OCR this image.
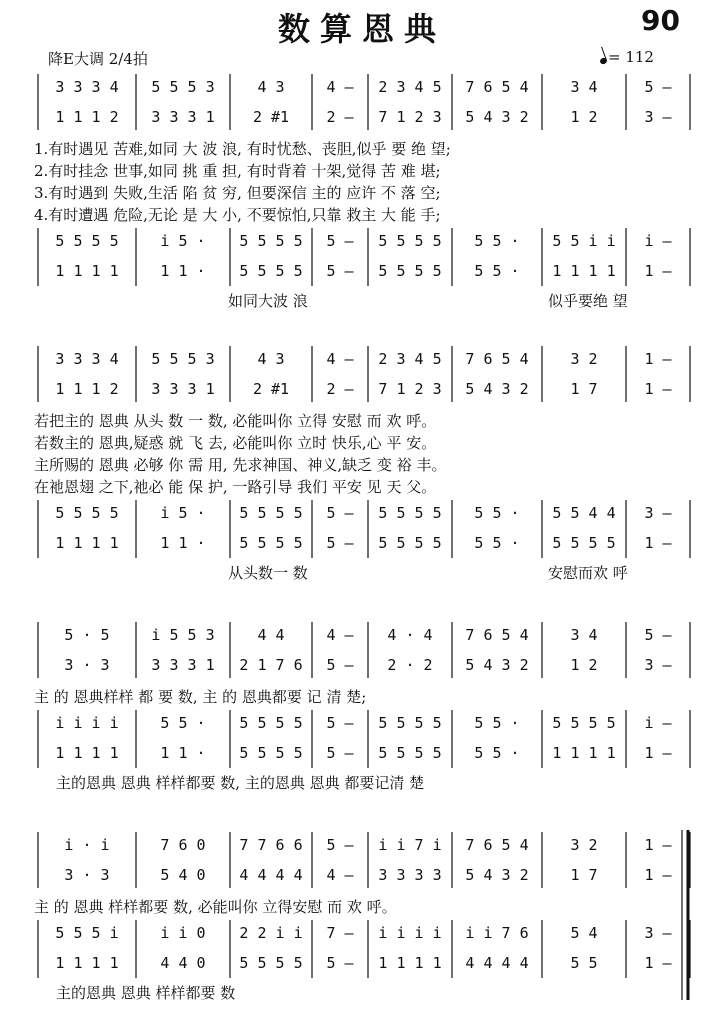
数算恩典	90
降E大调 2/4拍	= 112
3 3 3 4	5 5 5 3	4 3	4 –	2 3 4 5	7 6 5 4	3 4	5 –
1 1 1 2	3 3 3 1	2 #1	2 –	7 1 2 3	5 4 3 2	1 2	3 –
1.有时遇见 苦难,如同 大 波 浪, 有时忧愁、丧胆,似乎 要 绝 望;
2.有时挂念 世事,如同 挑 重 担, 有时背着 十架,觉得 苦 难 堪;
3.有时遇到 失败,生活 陷 贫 穷, 但要深信 主的 应许 不 落 空;
4.有时遭遇 危险,无论 是 大 小, 不要惊怕,只靠 救主 大 能 手;
5 5 5 5	i 5 ·	5 5 5 5	5 –	5 5 5 5	5 5 ·	5 5 i i	i –
1 1 1 1	1 1 ·	5 5 5 5	5 –	5 5 5 5	5 5 ·	1 1 1 1	1 –
如同大波 浪	似乎要绝 望
3 3 3 4	5 5 5 3	4 3	4 –	2 3 4 5	7 6 5 4	3 2	1 –
1 1 1 2	3 3 3 1	2 #1	2 –	7 1 2 3	5 4 3 2	1 7	1 –
若把主的 恩典 从头 数 一 数, 必能叫你 立得 安慰 而 欢 呼。
若数主的 恩典,疑惑 就 飞 去, 必能叫你 立时 快乐,心 平 安。
主所赐的 恩典 必够 你 需 用, 先求神国、神义,缺乏 变 裕 丰。
在祂恩翅 之下,祂必 能 保 护, 一路引导 我们 平安 见 天 父。
5 5 5 5	i 5 ·	5 5 5 5	5 –	5 5 5 5	5 5 ·	5 5 4 4	3 –
1 1 1 1	1 1 ·	5 5 5 5	5 –	5 5 5 5	5 5 ·	5 5 5 5	1 –
从头数一 数	安慰而欢 呼
5 · 5	i 5 5 3	4 4	4 –	4 · 4	7 6 5 4	3 4	5 –
3 · 3	3 3 3 1	2 1 7 6	5 –	2 · 2	5 4 3 2	1 2	3 –
主 的 恩典样样 都 要 数, 主 的 恩典都要 记 清 楚;
i i i i	5 5 ·	5 5 5 5	5 –	5 5 5 5	5 5 ·	5 5 5 5	i –
1 1 1 1	1 1 ·	5 5 5 5	5 –	5 5 5 5	5 5 ·	1 1 1 1	1 –
主的恩典 恩典 样样都要 数, 主的恩典 恩典 都要记清 楚
i · i	7 6 0	7 7 6 6	5 –	i i 7 i	7 6 5 4	3 2	1 –
3 · 3	5 4 0	4 4 4 4	4 –	3 3 3 3	5 4 3 2	1 7	1 –
主 的 恩典 样样都要 数, 必能叫你 立得安慰 而 欢 呼。
5 5 5 i	i i 0	2 2 i i	7 –	i i i i	i i 7 6	5 4	3 –
1 1 1 1	4 4 0	5 5 5 5	5 –	1 1 1 1	4 4 4 4	5 5	1 –
主的恩典 恩典 样样都要 数
